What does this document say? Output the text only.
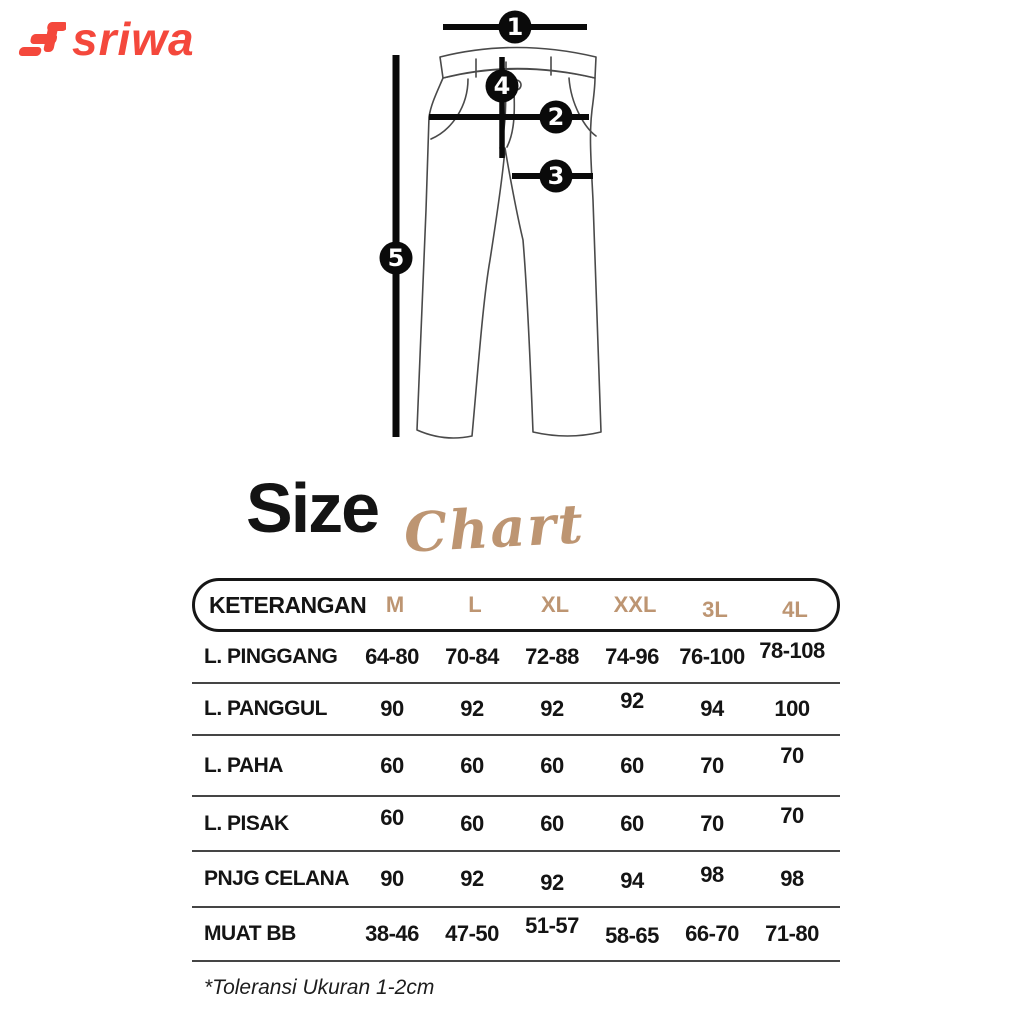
sriwa	1
2
3
4
5
Size Chart
KETERANGAN M	L	XL	XXL	3L	4L
L. PINGGANG	64-80	70-84	72-88	74-96 76-100 78-108
L. PANGGUL	90	92	92	92	94	100
L. PAHA	60	60	60	60	70	70
L. PISAK	60	60	60	60	70	70
PNJG CELANA	90	92	92	94	98	98
MUAT BB	38-46	47-50	51-57	58-65	66-70	71-80
*Toleransi Ukuran 1-2cm
